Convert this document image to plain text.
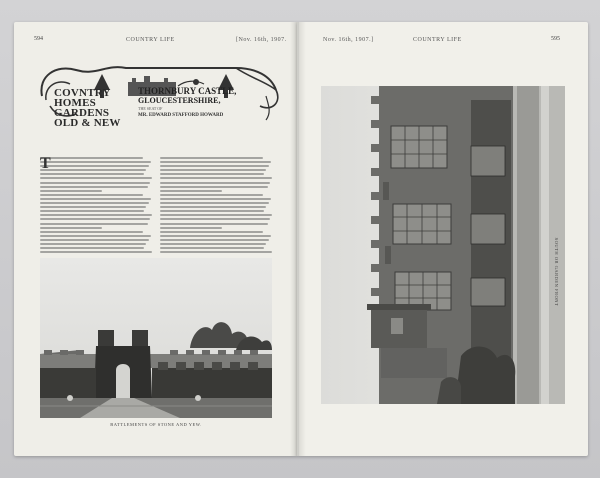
594	COUNTRY LIFE	[Nov. 16th, 1907.
COVNTRY
HOMES
GARDENS
OLD & NEW
THORNBURY CASTLE,
GLOUCESTERSHIRE,
THE SEAT OF
MR. EDWARD STAFFORD HOWARD
T
BATTLEMENTS OF STONE AND YEW.
Nov. 16th, 1907.]	COUNTRY LIFE	595
SOUTH OR GARDEN FRONT
